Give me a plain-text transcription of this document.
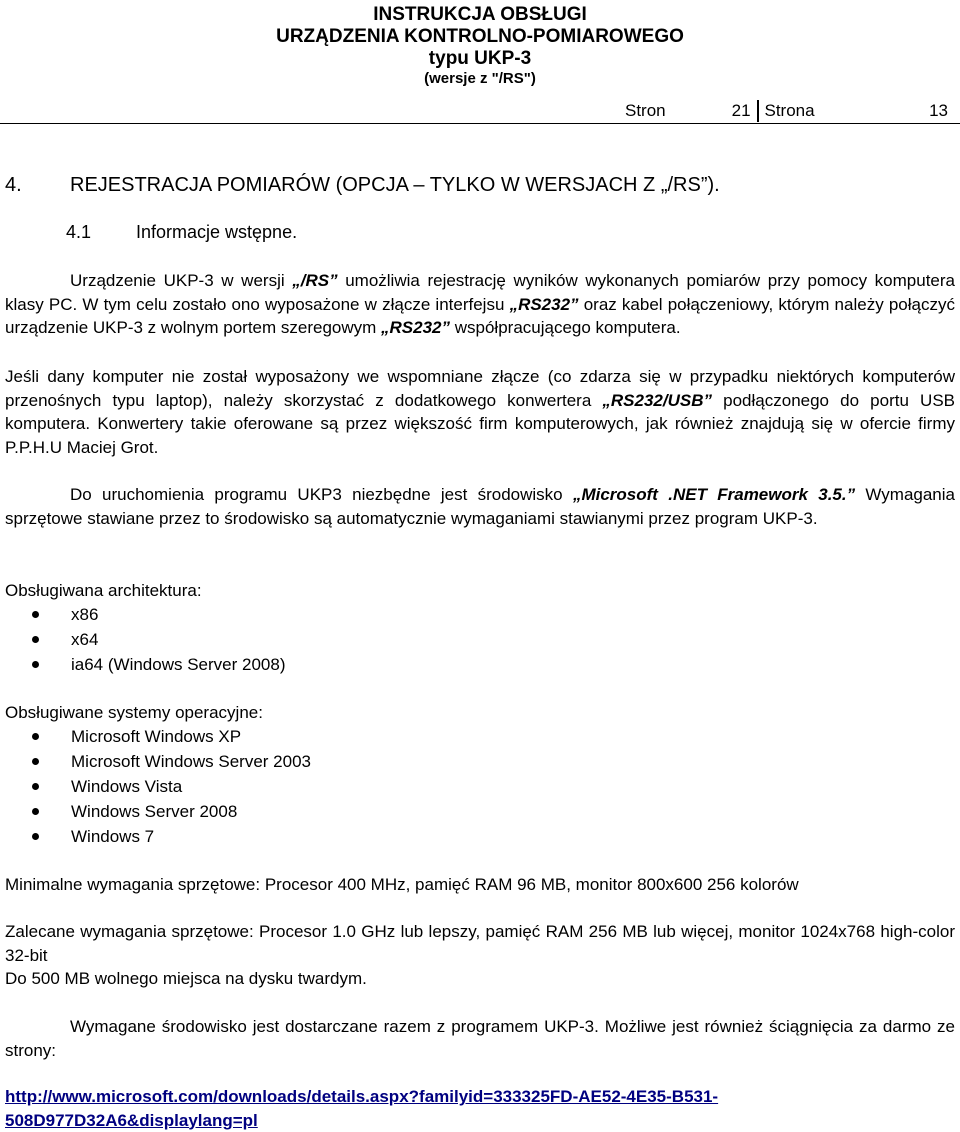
INSTRUKCJA OBSŁUGI
URZĄDZENIA KONTROLNO-POMIAROWEGO
typu UKP-3
(wersje z "/RS")
Stron	21 Strona	13
4. REJESTRACJA POMIARÓW (OPCJA – TYLKO W WERSJACH Z „/RS”).
4.1 Informacje wstępne.
Urządzenie UKP-3 w wersji „/RS” umożliwia rejestrację wyników wykonanych pomiarów przy pomocy komputera klasy PC. W tym celu zostało ono wyposażone w złącze interfejsu „RS232” oraz kabel połączeniowy, którym należy połączyć urządzenie UKP-3 z wolnym portem szeregowym „RS232” współpracującego komputera.
Jeśli dany komputer nie został wyposażony we wspomniane złącze (co zdarza się w przypadku niektórych komputerów przenośnych typu laptop), należy skorzystać z dodatkowego konwertera „RS232/USB” podłączonego do portu USB komputera. Konwertery takie oferowane są przez większość firm komputerowych, jak również znajdują się w ofercie firmy P.P.H.U Maciej Grot.
Do uruchomienia programu UKP3 niezbędne jest środowisko „Microsoft .NET Framework 3.5.” Wymagania sprzętowe stawiane przez to środowisko są automatycznie wymaganiami stawianymi przez program UKP-3.
Obsługiwana architektura:
x86
x64
ia64 (Windows Server 2008)
Obsługiwane systemy operacyjne:
Microsoft Windows XP
Microsoft Windows Server 2003
Windows Vista
Windows Server 2008
Windows 7
Minimalne wymagania sprzętowe: Procesor 400 MHz, pamięć RAM 96 MB, monitor 800x600 256 kolorów
Zalecane wymagania sprzętowe: Procesor 1.0 GHz lub lepszy, pamięć RAM 256 MB lub więcej, monitor 1024x768 high-color 32-bit
Do 500 MB wolnego miejsca na dysku twardym.
Wymagane środowisko jest dostarczane razem z programem UKP-3. Możliwe jest również ściągnięcia za darmo ze strony:
http://www.microsoft.com/downloads/details.aspx?familyid=333325FD-AE52-4E35-B531-
508D977D32A6&displaylang=pl
